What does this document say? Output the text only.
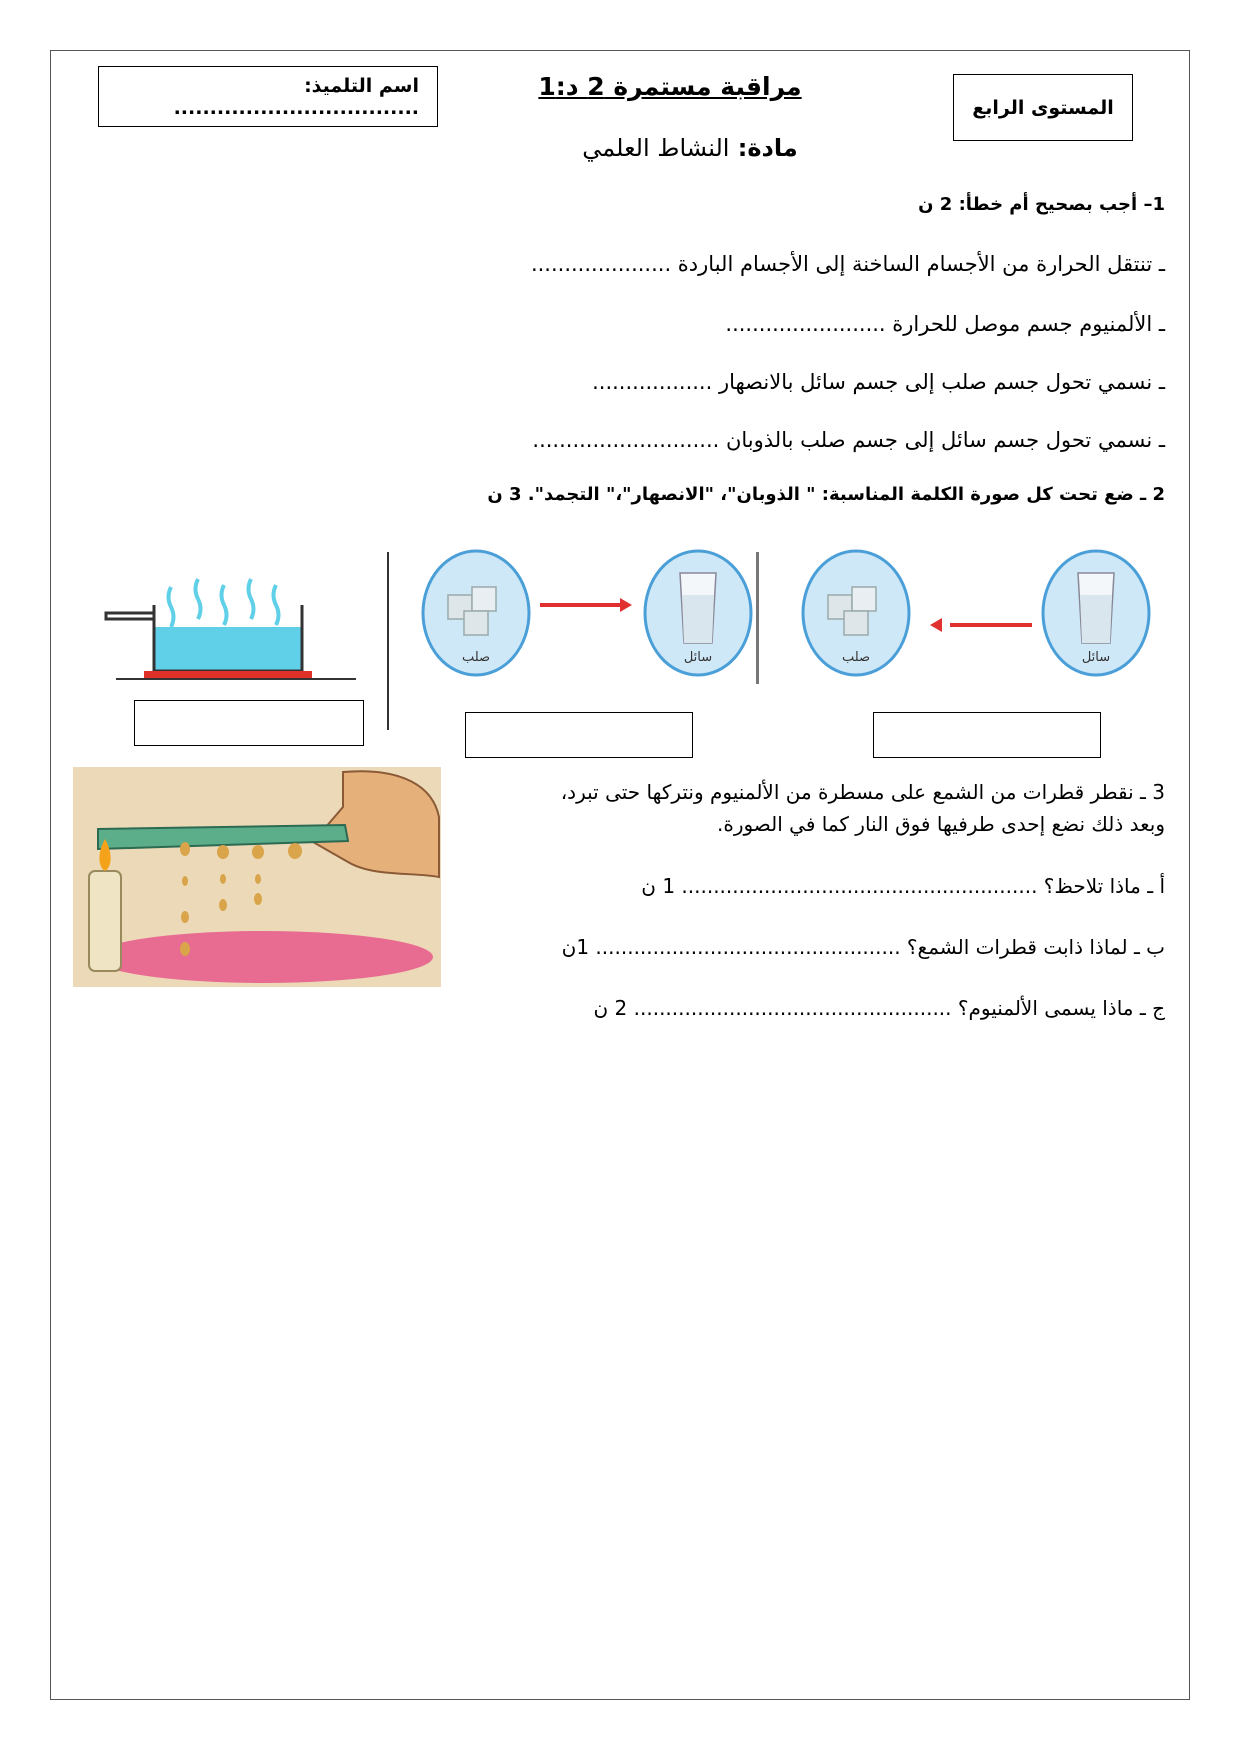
المستوى الرابع
مراقبة مستمرة 2 د:1
اسم التلميذ: ..................................
مادة: النشاط العلمي
1– أجب بصحيح أم خطأ: 2 ن
ـ تنتقل الحرارة من الأجسام الساخنة إلى الأجسام الباردة .....................
ـ الألمنيوم جسم موصل للحرارة ........................
ـ نسمي تحول جسم صلب إلى جسم سائل بالانصهار ..................
ـ نسمي تحول جسم سائل إلى جسم صلب بالذوبان ............................
2 ـ ضع تحت كل صورة الكلمة المناسبة: " الذوبان"، "الانصهار"،" التجمد". 3 ن
صلب	سائل	صلب	سائل
3 ـ نقطر قطرات من الشمع على مسطرة من الألمنيوم ونتركها حتى تبرد،
وبعد ذلك نضع إحدى طرفيها فوق النار كما في الصورة.
أ ـ ماذا تلاحظ؟ ........................................................ 1 ن
ب ـ لماذا ذابت قطرات الشمع؟ ................................................ 1ن
ج ـ ماذا يسمى الألمنيوم؟ .................................................. 2 ن
